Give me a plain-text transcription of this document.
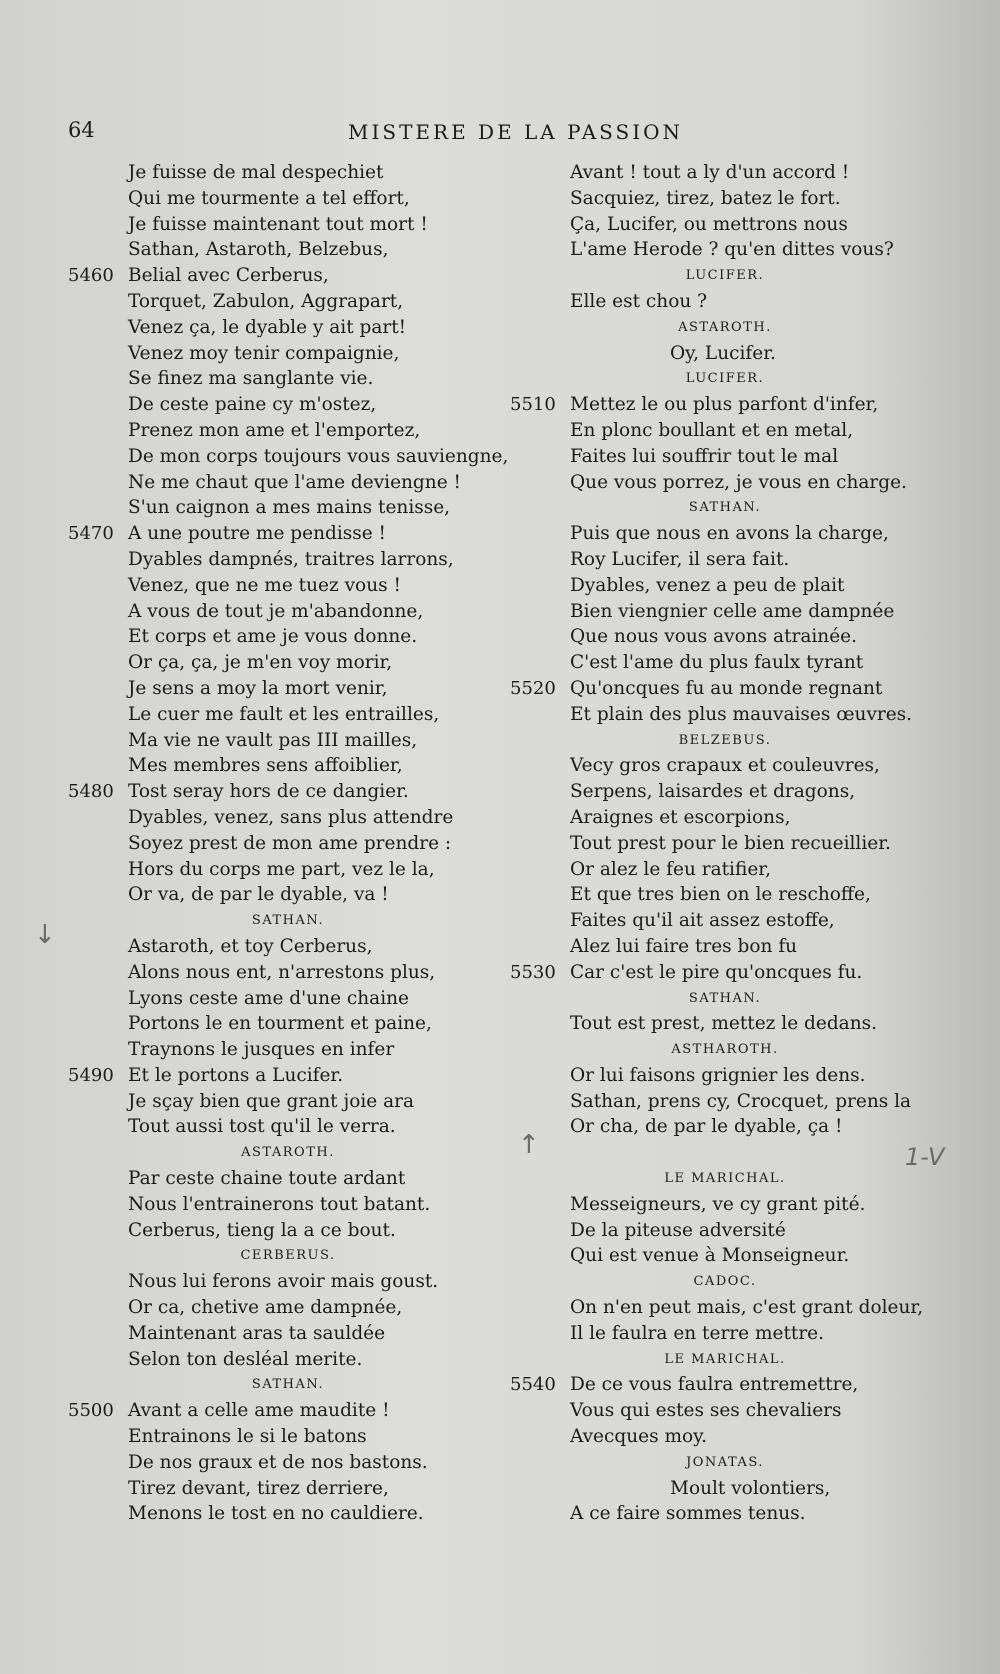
64	MISTERE DE LA PASSION
Je fuisse de mal despechiet
Qui me tourmente a tel effort,
Je fuisse maintenant tout mort !
Sathan, Astaroth, Belzebus,
5460 Belial avec Cerberus,
Torquet, Zabulon, Aggrapart,
Venez ça, le dyable y ait part!
Venez moy tenir compaignie,
Se finez ma sanglante vie.
De ceste paine cy m'ostez,
Prenez mon ame et l'emportez,
De mon corps toujours vous sauviengne,
Ne me chaut que l'ame deviengne !
S'un caignon a mes mains tenisse,
5470 A une poutre me pendisse !
Dyables dampnés, traitres larrons,
Venez, que ne me tuez vous !
A vous de tout je m'abandonne,
Et corps et ame je vous donne.
Or ça, ça, je m'en voy morir,
Je sens a moy la mort venir,
Le cuer me fault et les entrailles,
Ma vie ne vault pas III mailles,
Mes membres sens affoiblier,
5480 Tost seray hors de ce dangier.
Dyables, venez, sans plus attendre
Soyez prest de mon ame prendre :
Hors du corps me part, vez le la,
Or va, de par le dyable, va !
SATHAN.
Astaroth, et toy Cerberus,
Alons nous ent, n'arrestons plus,
Lyons ceste ame d'une chaine
Portons le en tourment et paine,
Traynons le jusques en infer
5490 Et le portons a Lucifer.
Je sçay bien que grant joie ara
Tout aussi tost qu'il le verra.
ASTAROTH.
Par ceste chaine toute ardant
Nous l'entrainerons tout batant.
Cerberus, tieng la a ce bout.
CERBERUS.
Nous lui ferons avoir mais goust.
Or ca, chetive ame dampnée,
Maintenant aras ta sauldée
Selon ton desléal merite.
SATHAN.
5500 Avant a celle ame maudite !
Entrainons le si le batons
De nos graux et de nos bastons.
Tirez devant, tirez derriere,
Menons le tost en no cauldiere.
Avant ! tout a ly d'un accord !
Sacquiez, tirez, batez le fort.
Ça, Lucifer, ou mettrons nous
L'ame Herode ? qu'en dittes vous?
LUCIFER.
Elle est chou ?
ASTAROTH.
Oy, Lucifer.
LUCIFER.
5510 Mettez le ou plus parfont d'infer,
En plonc boullant et en metal,
Faites lui souffrir tout le mal
Que vous porrez, je vous en charge.
SATHAN.
Puis que nous en avons la charge,
Roy Lucifer, il sera fait.
Dyables, venez a peu de plait
Bien viengnier celle ame dampnée
Que nous vous avons atrainée.
C'est l'ame du plus faulx tyrant
5520 Qu'oncques fu au monde regnant
Et plain des plus mauvaises œuvres.
BELZEBUS.
Vecy gros crapaux et couleuvres,
Serpens, laisardes et dragons,
Araignes et escorpions,
Tout prest pour le bien recueillier.
Or alez le feu ratifier,
Et que tres bien on le reschoffe,
Faites qu'il ait assez estoffe,
Alez lui faire tres bon fu
5530 Car c'est le pire qu'oncques fu.
SATHAN.
Tout est prest, mettez le dedans.
ASTHAROTH.
Or lui faisons grignier les dens.
Sathan, prens cy, Crocquet, prens la
Or cha, de par le dyable, ça !
LE MARICHAL.
Messeigneurs, ve cy grant pité.
De la piteuse adversité
Qui est venue à Monseigneur.
CADOC.
On n'en peut mais, c'est grant doleur,
Il le faulra en terre mettre.
LE MARICHAL.
5540 De ce vous faulra entremettre,
Vous qui estes ses chevaliers
Avecques moy.
JONATAS.
Moult volontiers,
A ce faire sommes tenus.
↓
↑	1-V
